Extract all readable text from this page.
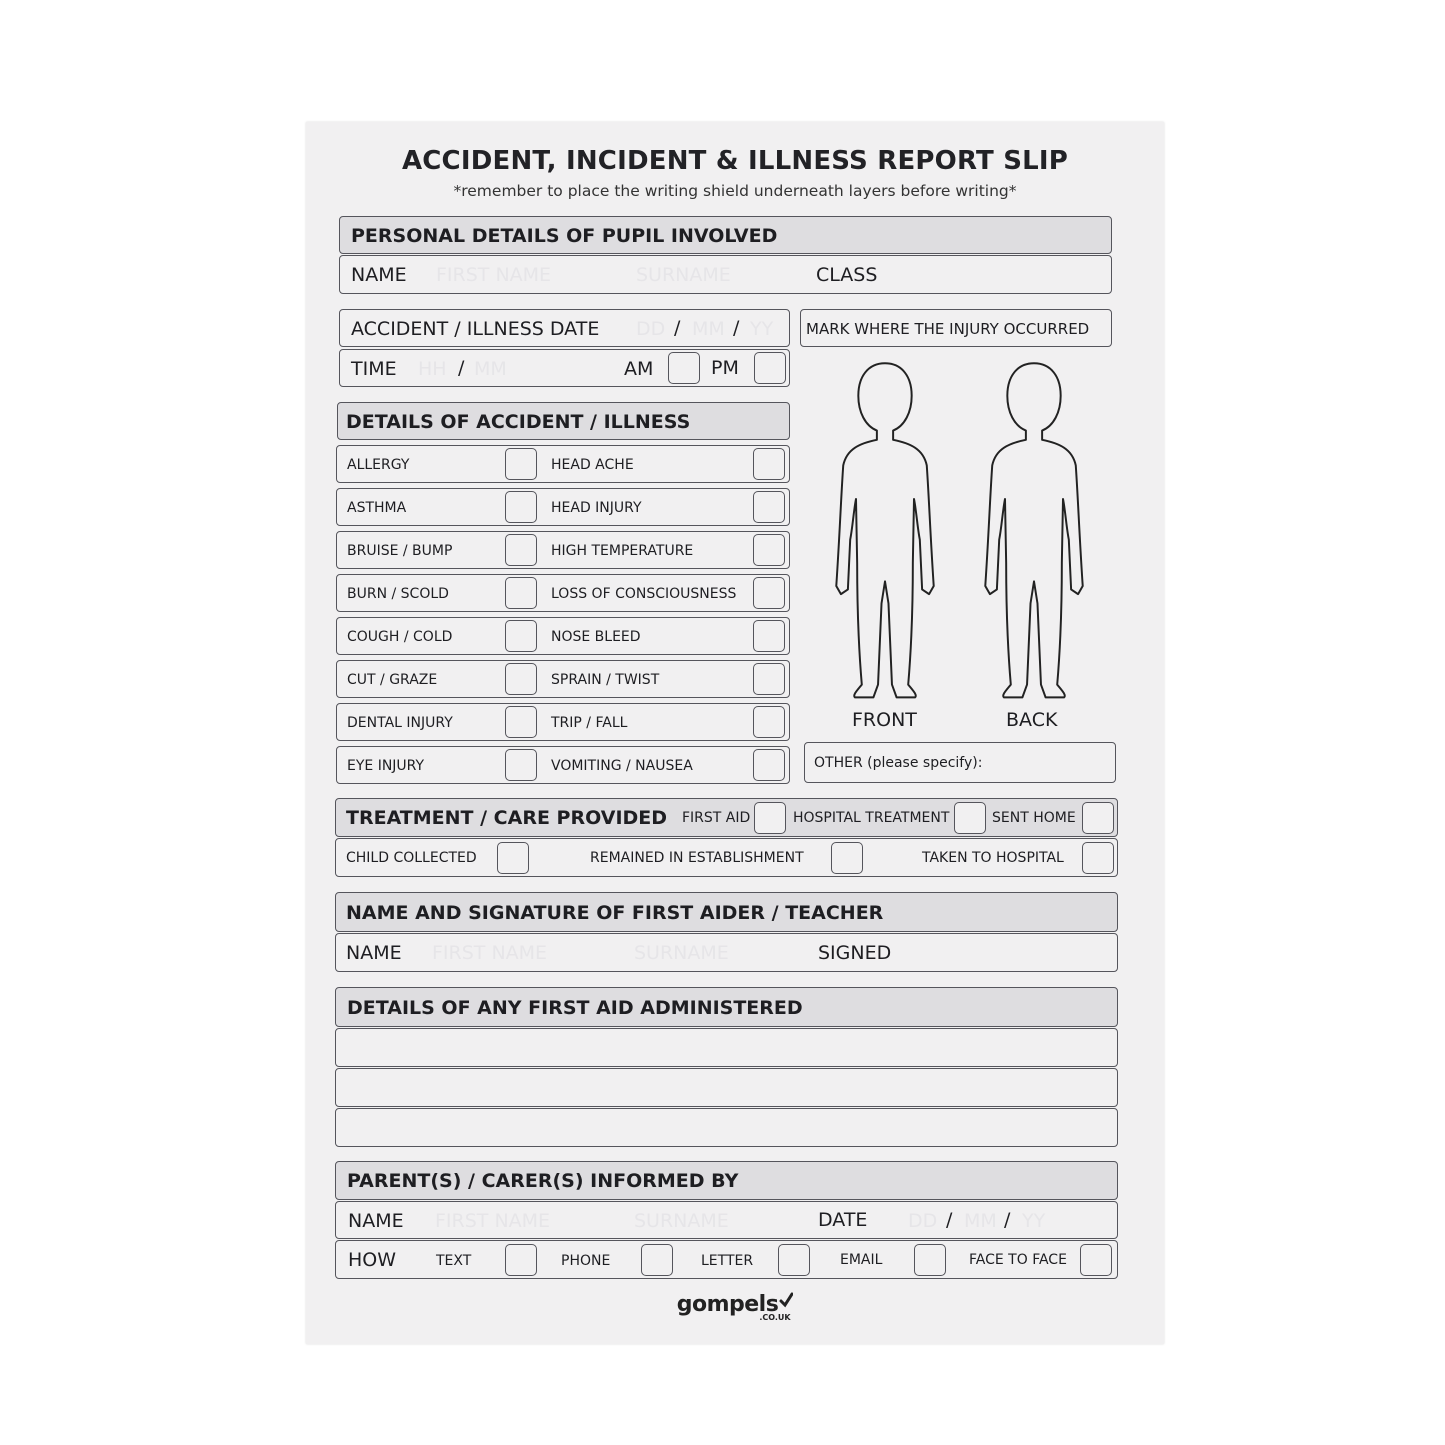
ACCIDENT, INCIDENT & ILLNESS REPORT SLIP
*remember to place the writing shield underneath layers before writing*
PERSONAL DETAILS OF PUPIL INVOLVED
NAME FIRST NAME	SURNAME	CLASS
ACCIDENT / ILLNESS DATE DD / MM / YY
TIME HH / MM	AM	PM
MARK WHERE THE INJURY OCCURRED
FRONT	BACK
OTHER (please specify):
DETAILS OF ACCIDENT / ILLNESS
ALLERGY	HEAD ACHE
ASTHMA	HEAD INJURY
BRUISE / BUMP	HIGH TEMPERATURE
BURN / SCOLD	LOSS OF CONSCIOUSNESS
COUGH / COLD	NOSE BLEED
CUT / GRAZE	SPRAIN / TWIST
DENTAL INJURY	TRIP / FALL
EYE INJURY	VOMITING / NAUSEA
TREATMENT / CARE PROVIDED FIRST AID	HOSPITAL TREATMENT	SENT HOME
CHILD COLLECTED	REMAINED IN ESTABLISHMENT	TAKEN TO HOSPITAL
NAME AND SIGNATURE OF FIRST AIDER / TEACHER
NAME FIRST NAME	SURNAME	SIGNED
DETAILS OF ANY FIRST AID ADMINISTERED
PARENT(S) / CARER(S) INFORMED BY
NAME FIRST NAME	SURNAME	DATE DD / MM / YY
HOW	TEXT	PHONE	LETTER	EMAIL	FACE TO FACE
gompels
.CO.UK
